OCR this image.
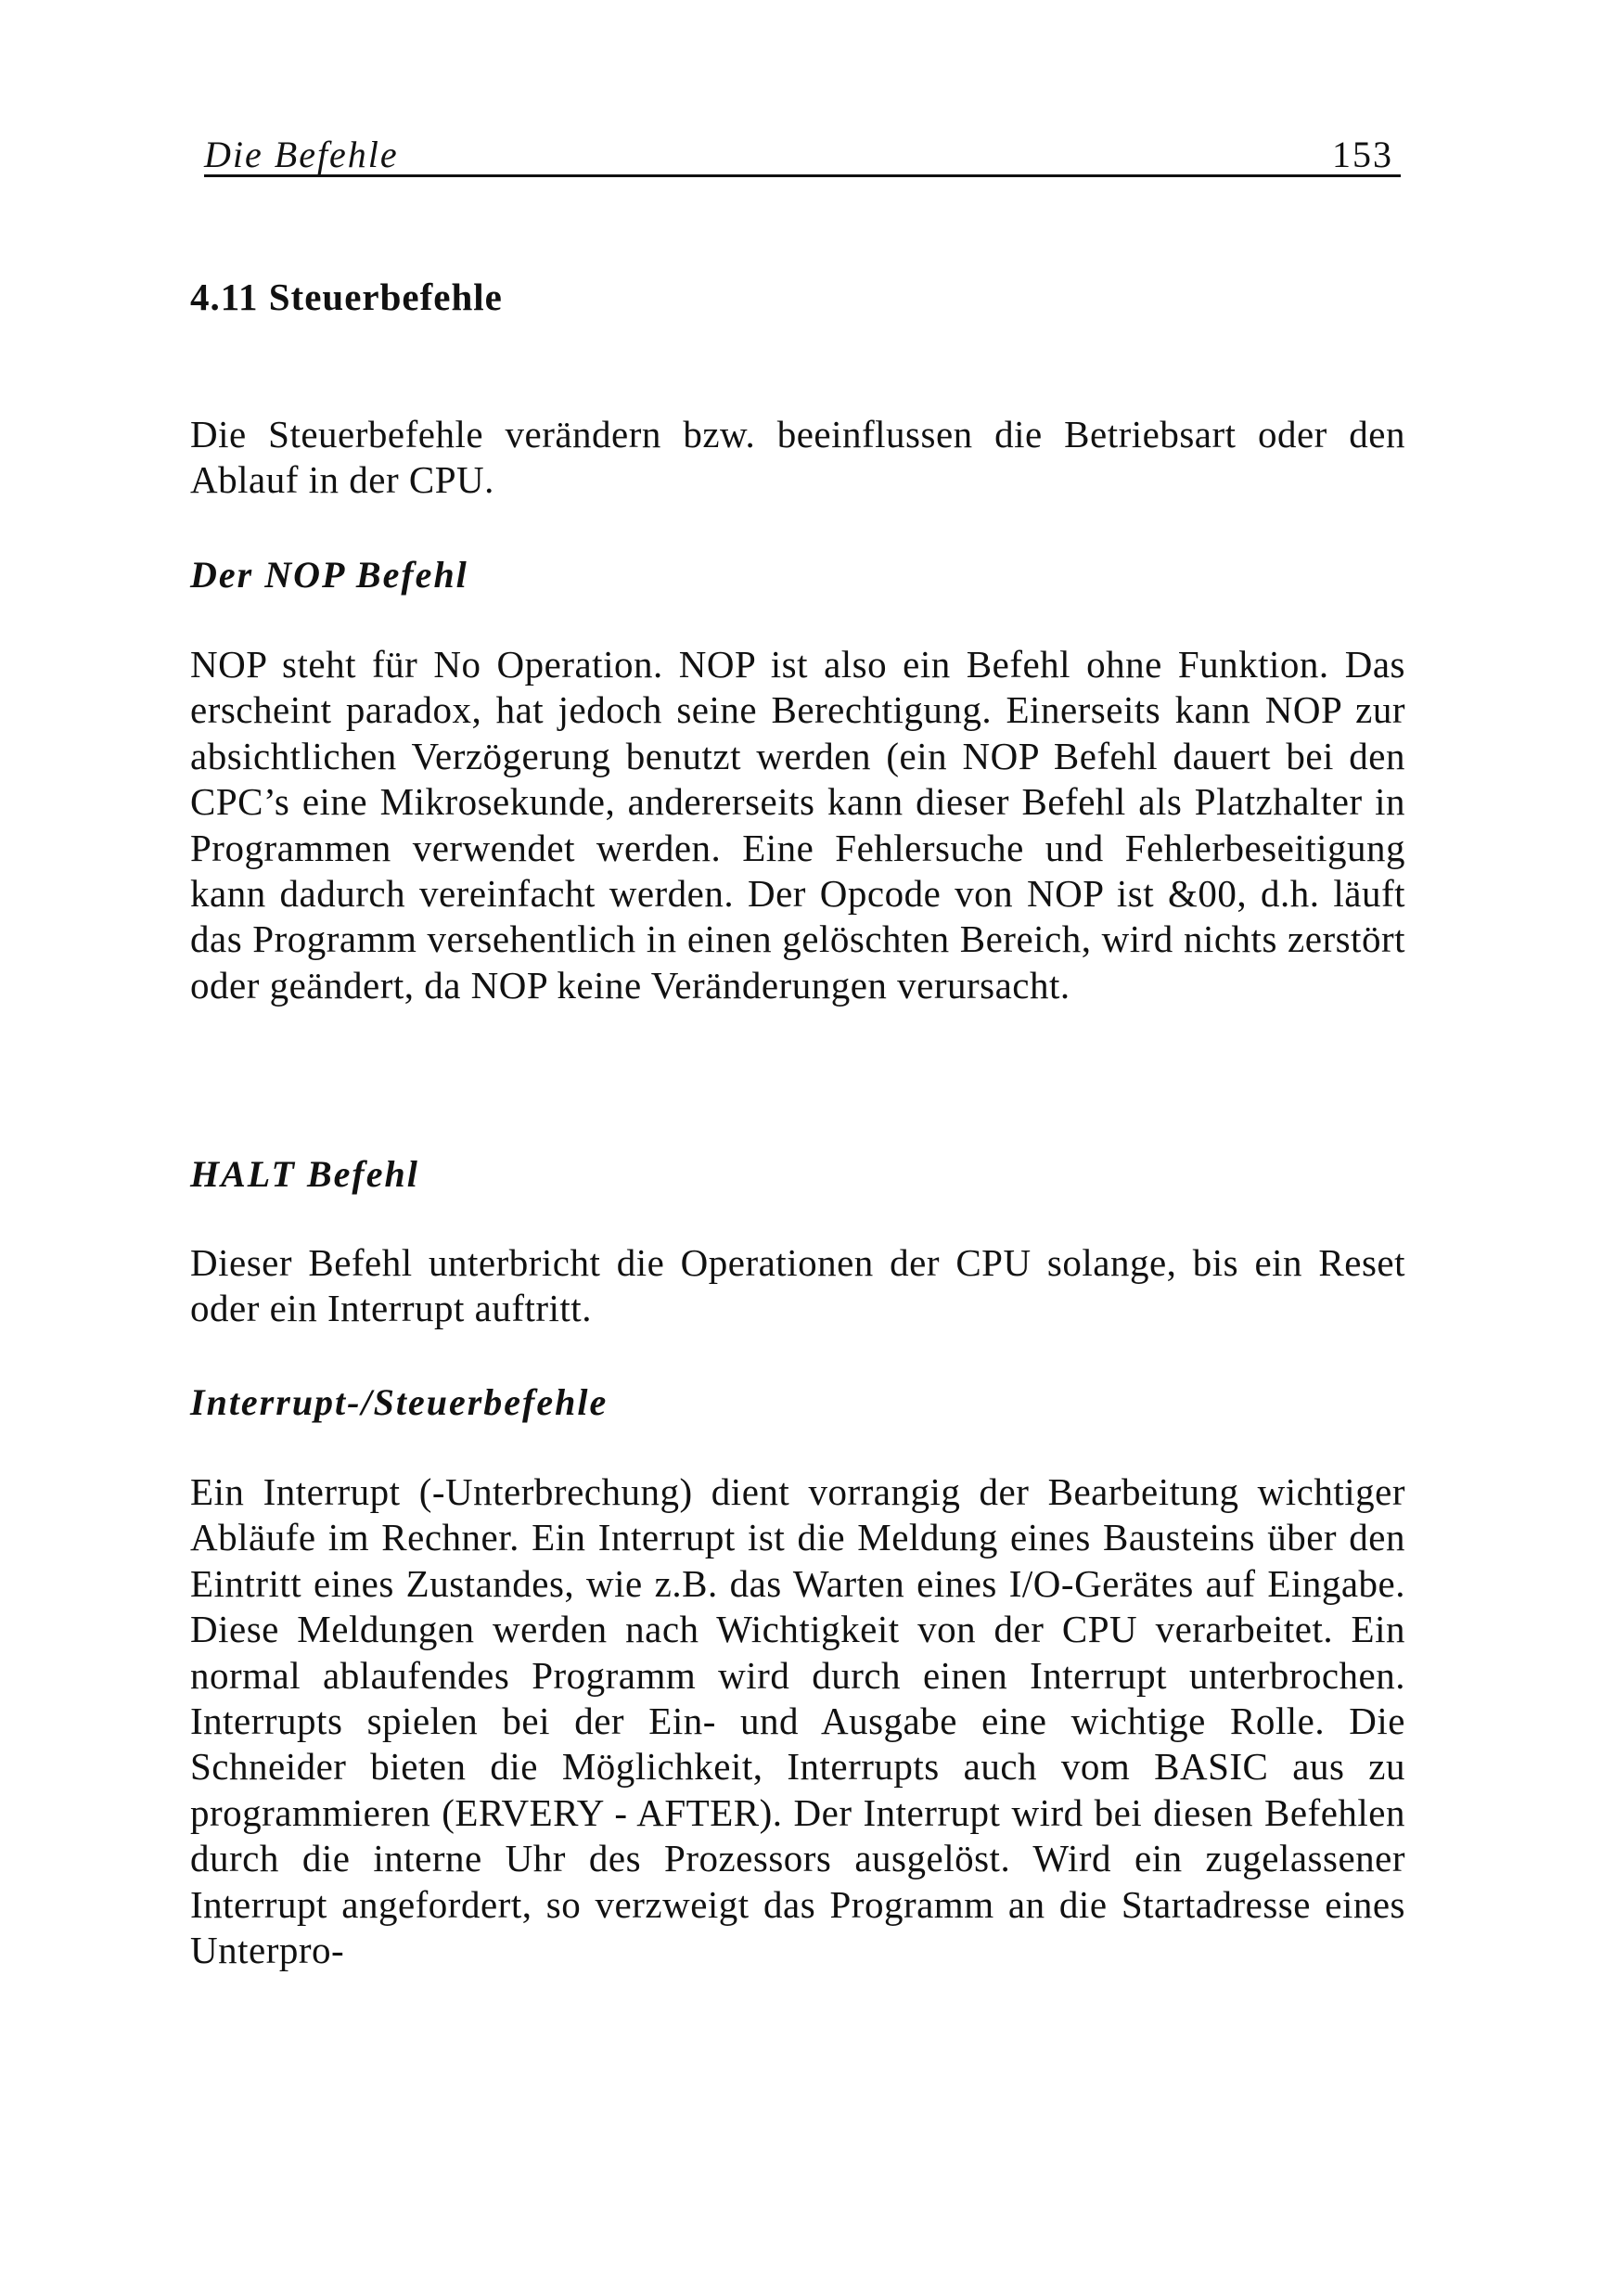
Die Befehle	153
4.11 Steuerbefehle

Die Steuerbefehle verändern bzw. beeinflussen die Betriebsart oder den Ablauf in der CPU.

Der NOP Befehl

NOP steht für No Operation. NOP ist also ein Befehl ohne Funktion. Das erscheint paradox, hat jedoch seine Berechtigung. Einerseits kann NOP zur absichtlichen Verzögerung benutzt werden (ein NOP Befehl dauert bei den CPC’s eine Mikrosekunde, andererseits kann dieser Befehl als Platzhalter in Programmen verwendet werden. Eine Fehlersuche und Fehlerbeseitigung kann dadurch vereinfacht werden. Der Opcode von NOP ist &00, d.h. läuft das Programm versehentlich in einen gelöschten Bereich, wird nichts zerstört oder geändert, da NOP keine Veränderungen verursacht.

HALT Befehl

Dieser Befehl unterbricht die Operationen der CPU solange, bis ein Reset oder ein Interrupt auftritt.

Interrupt-/Steuerbefehle

Ein Interrupt (-Unterbrechung) dient vorrangig der Bearbeitung wichtiger Abläufe im Rechner. Ein Interrupt ist die Meldung eines Bausteins über den Eintritt eines Zustandes, wie z.B. das Warten eines I/O-Gerätes auf Eingabe. Diese Meldungen werden nach Wichtigkeit von der CPU verarbeitet. Ein normal ablaufendes Programm wird durch einen Interrupt unterbrochen. Interrupts spielen bei der Ein- und Ausgabe eine wichtige Rolle. Die Schneider bieten die Möglichkeit, Interrupts auch vom BASIC aus zu programmieren (ERVERY - AFTER). Der Interrupt wird bei diesen Befehlen durch die interne Uhr des Prozessors ausgelöst. Wird ein zugelassener Interrupt angefordert, so verzweigt das Programm an die Startadresse eines Unterpro-
